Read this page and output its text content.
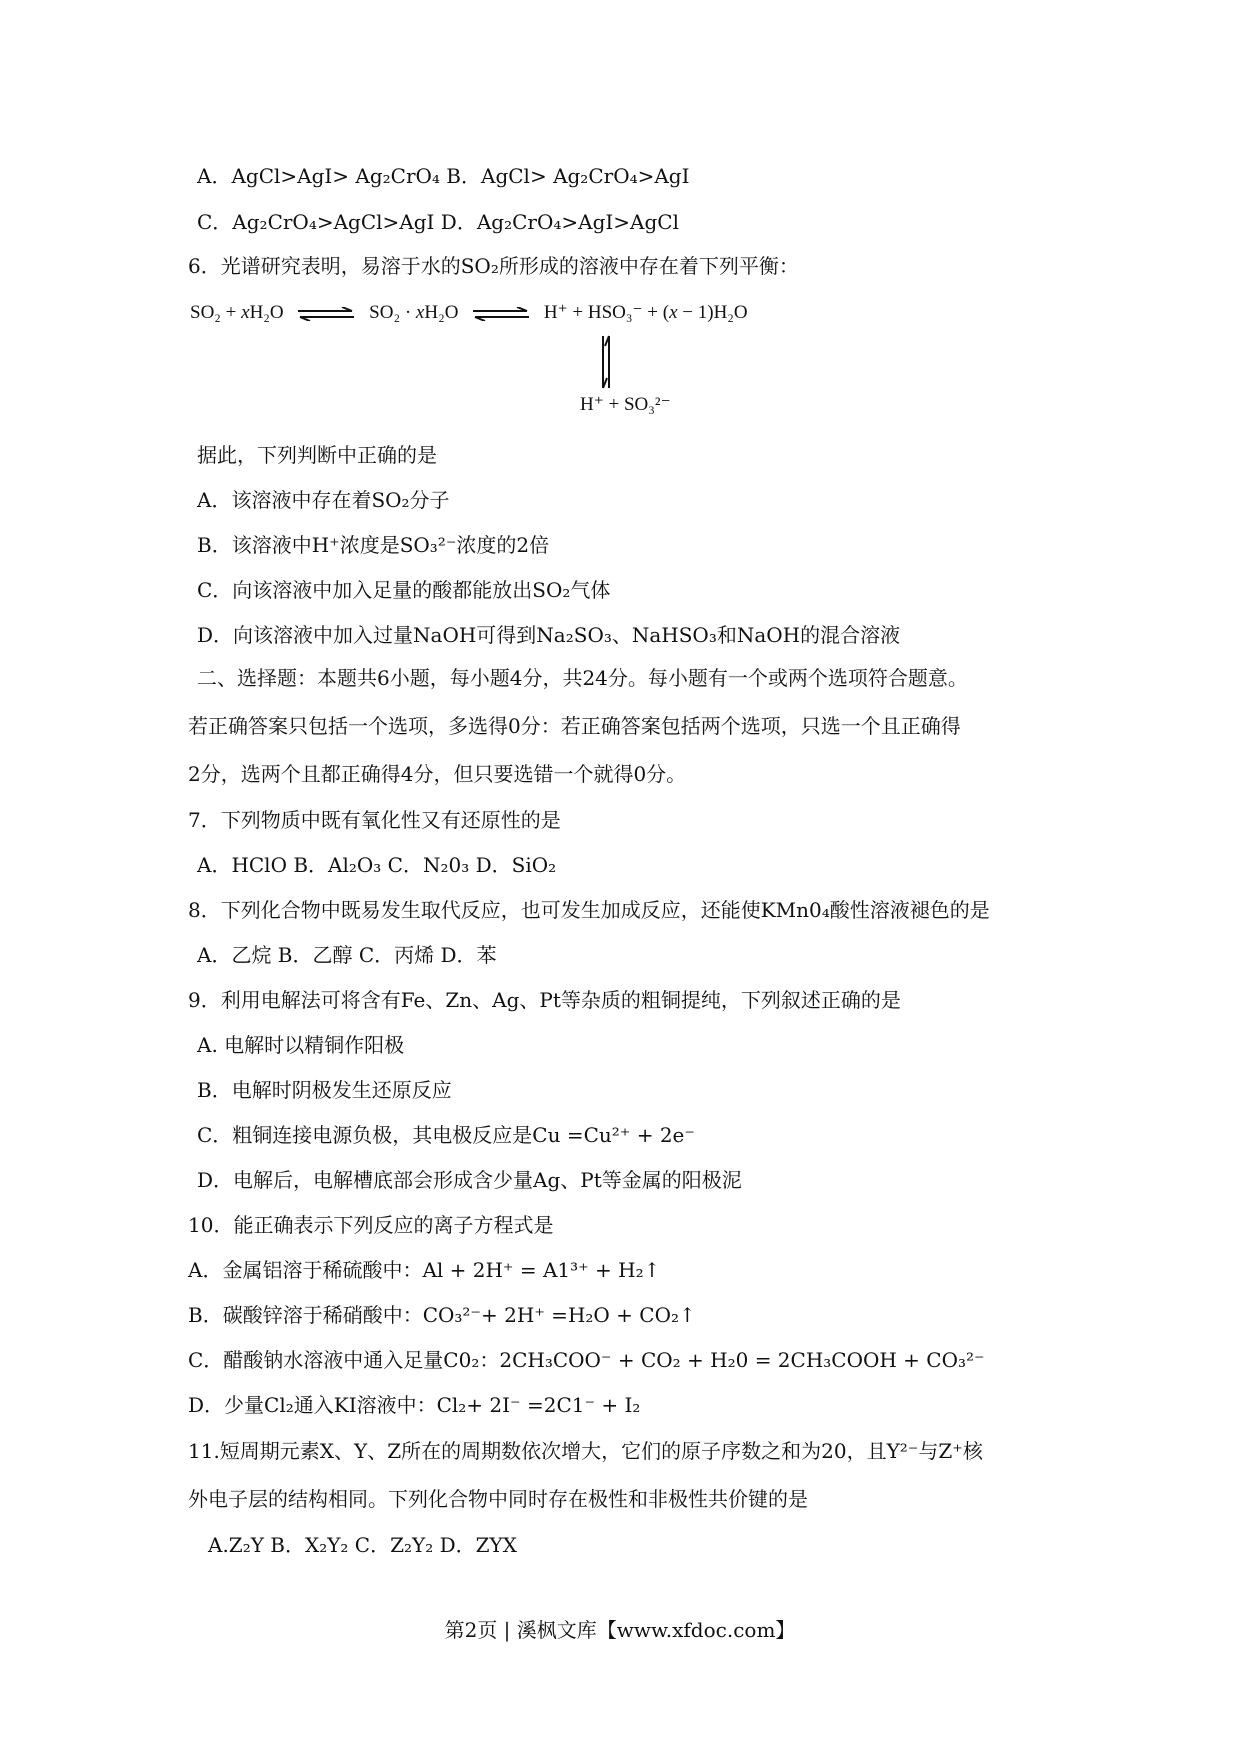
A．AgCl>AgI> Ag₂CrO₄ B．AgCl> Ag₂CrO₄>AgI
C．Ag₂CrO₄>AgCl>AgI D．Ag₂CrO₄>AgI>AgCl
6．光谱研究表明，易溶于水的SO₂所形成的溶液中存在着下列平衡：
据此，下列判断中正确的是
A．该溶液中存在着SO₂分子
B．该溶液中H⁺浓度是SO₃²⁻浓度的2倍
C．向该溶液中加入足量的酸都能放出SO₂气体
D．向该溶液中加入过量NaOH可得到Na₂SO₃、NaHSO₃和NaOH的混合溶液
二、选择题：本题共6小题，每小题4分，共24分。每小题有一个或两个选项符合题意。
若正确答案只包括一个选项，多选得0分：若正确答案包括两个选项，只选一个且正确得
2分，选两个且都正确得4分，但只要选错一个就得0分。
7．下列物质中既有氧化性又有还原性的是
A．HClO B．Al₂O₃ C．N₂0₃ D．SiO₂
8．下列化合物中既易发生取代反应，也可发生加成反应，还能使KMn0₄酸性溶液褪色的是
A．乙烷 B．乙醇 C．丙烯 D．苯
9．利用电解法可将含有Fe、Zn、Ag、Pt等杂质的粗铜提纯，下列叙述正确的是
A. 电解时以精铜作阳极
B．电解时阴极发生还原反应
C．粗铜连接电源负极，其电极反应是Cu =Cu²⁺ + 2e⁻
D．电解后，电解槽底部会形成含少量Ag、Pt等金属的阳极泥
10．能正确表示下列反应的离子方程式是
A．金属铝溶于稀硫酸中：Al + 2H⁺ = A1³⁺ + H₂↑
B．碳酸锌溶于稀硝酸中：CO₃²⁻+ 2H⁺ =H₂O + CO₂↑
C．醋酸钠水溶液中通入足量C0₂：2CH₃COO⁻ + CO₂ + H₂0 = 2CH₃COOH + CO₃²⁻
D．少量Cl₂通入KI溶液中：Cl₂+ 2I⁻ =2C1⁻ + I₂
11.短周期元素X、Y、Z所在的周期数依次增大，它们的原子序数之和为20，且Y²⁻与Z⁺核
外电子层的结构相同。下列化合物中同时存在极性和非极性共价键的是
A.Z₂Y B．X₂Y₂ C．Z₂Y₂ D．ZYX
SO₂ + xH₂O ⇌ SO₂ · xH₂O ⇌ H⁺ + HSO₃⁻ + (x − 1)H₂O
H⁺ + SO₃²⁻
第2页 | 溪枫文库【www.xfdoc.com】
